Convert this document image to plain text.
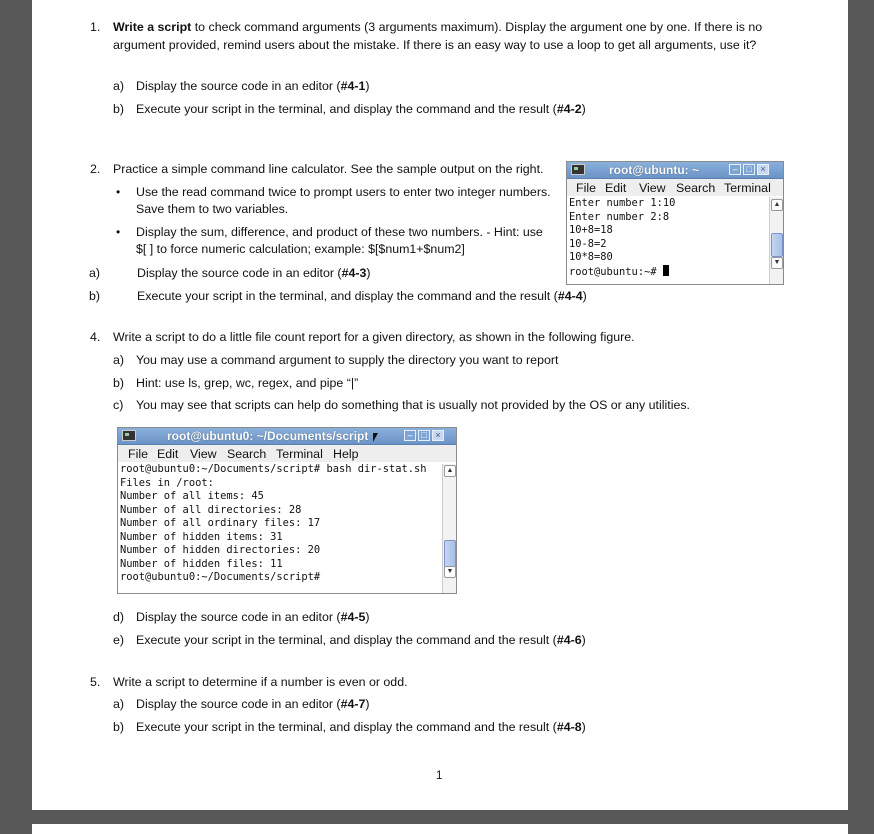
1. Write a script to check command arguments (3 arguments maximum). Display the argument one by one. If there is no
argument provided, remind users about the mistake. If there is an easy way to use a loop to get all arguments, use it?
a) Display the source code in an editor (#4-1)
b) Execute your script in the terminal, and display the command and the result (#4-2)
2. Practice a simple command line calculator. See the sample output on the right.
• Use the read command twice to prompt users to enter two integer numbers.
Save them to two variables.
• Display the sum, difference, and product of these two numbers. - Hint: use
$[ ] to force numeric calculation; example: $[$num1+$num2]
a)	Display the source code in an editor (#4-3)
b)	Execute your script in the terminal, and display the command and the result (#4-4)
root@ubuntu: ~	– □ ×
File Edit View Search Terminal
Enter number 1:10
Enter number 2:8
10+8=18
10-8=2
10*8=80
root@ubuntu:~#
▲
▼
4. Write a script to do a little file count report for a given directory, as shown in the following figure.
a) You may use a command argument to supply the directory you want to report
b) Hint: use ls, grep, wc, regex, and pipe “|”
c) You may see that scripts can help do something that is usually not provided by the OS or any utilities.
root@ubuntu0: ~/Documents/script	– □ ×
File Edit View Search Terminal Help
root@ubuntu0:~/Documents/script# bash dir-stat.sh
Files in /root:
Number of all items: 45
Number of all directories: 28
Number of all ordinary files: 17
Number of hidden items: 31
Number of hidden directories: 20
Number of hidden files: 11
root@ubuntu0:~/Documents/script#
▲
▼
d) Display the source code in an editor (#4-5)
e) Execute your script in the terminal, and display the command and the result (#4-6)
5. Write a script to determine if a number is even or odd.
a) Display the source code in an editor (#4-7)
b) Execute your script in the terminal, and display the command and the result (#4-8)
1
